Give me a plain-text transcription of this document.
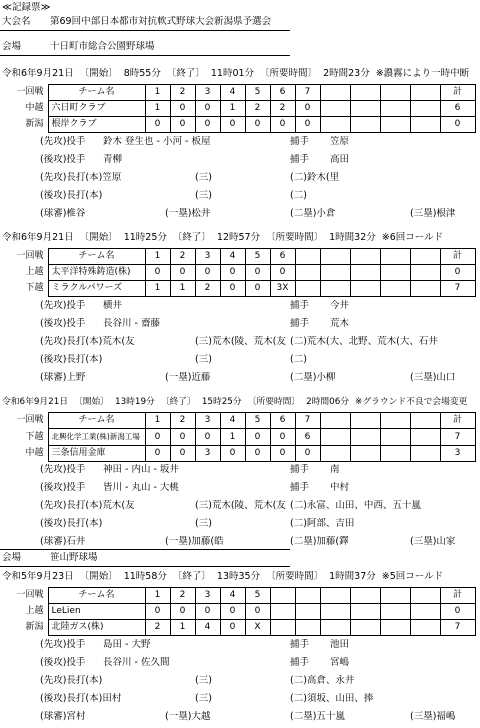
≪記録票≫
大会名	第69回中部日本都市対抗軟式野球大会新潟県予選会
会場	十日町市総合公園野球場
会場	笹山野球場
令和6年9月21日 〔開始〕 8時55分 〔終了〕 11時01分 〔所要時間〕 2時間23分 ※濃霧により一時中断
一回戦	チーム名	1	2	3	4	5	6	7					計
中越	六日町クラブ	1	0	0	1	2	2	0					6
新潟	根岸クラブ	0	0	0	0	0	0	0					0
(先攻)投手	鈴木 登生也 - 小河 - 板屋	捕手	笠原
(後攻)投手	青柳	捕手	高田
(先攻)長打(本)笠原	(三)	(二)鈴木(里
(後攻)長打(本)	(三)	(二)
(球審)椎谷	(一塁)松井	(二塁)小倉	(三塁)根津
令和6年9月21日 〔開始〕 11時25分 〔終了〕 12時57分 〔所要時間〕 1時間32分 ※6回コールド
一回戦	チーム名	1	2	3	4	5	6						計
上越	太平洋特殊鋳造(株)	0	0	0	0	0	0						0
下越	ミラクルパワーズ	1	1	2	0	0	3X						7
(先攻)投手	横井	捕手	今井
(後攻)投手	長谷川 - 齋藤	捕手	荒木
(先攻)長打(本)荒木(友	(三)荒木(陵、荒木(友 (二)荒木(大、北野、荒木(大、石井
(後攻)長打(本)	(三)	(二)
(球審)上野	(一塁)近藤	(二塁)小柳	(三塁)山口
令和6年9月21日 〔開始〕 13時19分 〔終了〕 15時25分 〔所要時間〕 2時間06分 ※グラウンド不良で会場変更
一回戦	チーム名	1	2	3	4	5	6	7					計
下越	北興化学工業(株)新潟工場	0	0	0	1	0	0	6					7
中越	三条信用金庫	0	0	3	0	0	0	0					3
(先攻)投手	神田 - 内山 - 坂井	捕手	南
(後攻)投手	皆川 - 丸山 - 大桃	捕手	中村
(先攻)長打(本)荒木(友	(三)荒木(陵、荒木(友 (二)永富、山田、中西、五十嵐
(後攻)長打(本)	(三)	(二)阿部、吉田
(球審)石井	(一塁)加藤(皓	(二塁)加藤(鐸	(三塁)山家
令和5年9月23日 〔開始〕 11時58分 〔終了〕 13時35分 〔所要時間〕 1時間37分 ※5回コールド
一回戦	チーム名	1	2	3	4	5							計
上越	LeLien	0	0	0	0	0							0
新潟	北陸ガス(株)	2	1	4	0	X							7
(先攻)投手	島田 - 大野	捕手	池田
(後攻)投手	長谷川 - 佐久間	捕手	宮嶋
(先攻)長打(本)	(三)	(二)高倉、永井
(後攻)長打(本)田村	(三)	(二)須坂、山田、捧
(球審)宮村	(一塁)大越	(二塁)五十嵐	(三塁)福嶋
